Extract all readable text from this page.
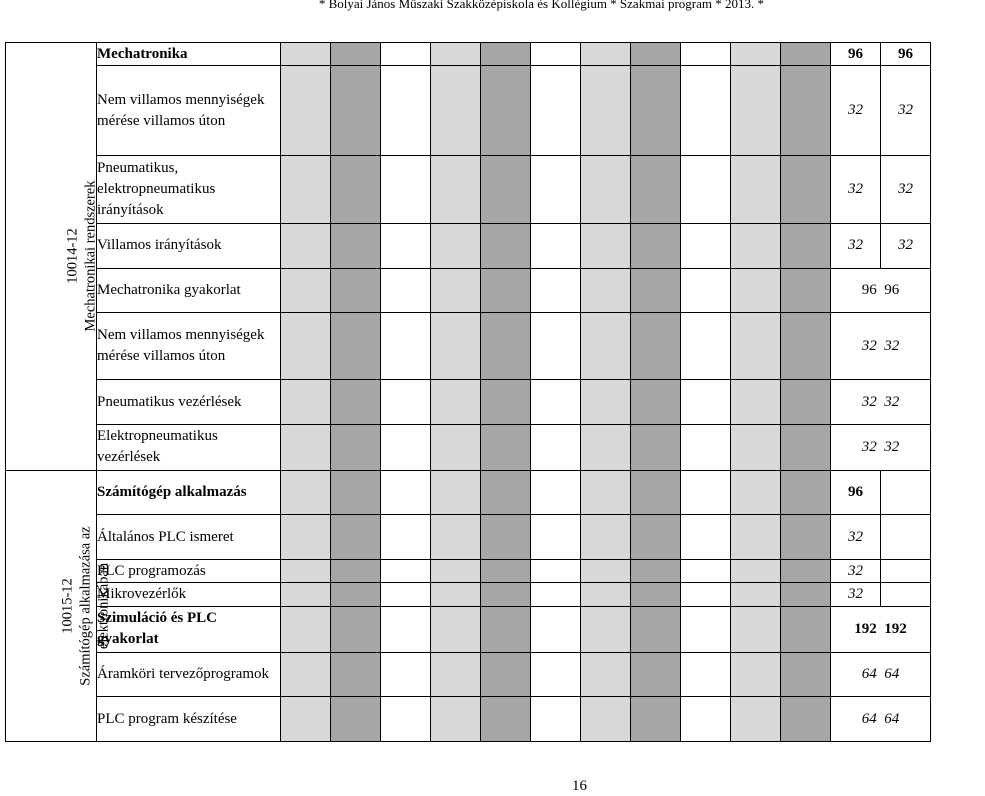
* Bolyai János Műszaki Szakközépiskola és Kollégium * Szakmai program * 2013. *
10014-12 Mechatronikai rendszerek	Mechatronika												96	96
	Nem villamos mennyiségek mérése villamos úton												32	32
	Pneumatikus, elektropneumatikus irányítások												32	32
	Villamos irányítások												32	32
	Mechatronika gyakorlat												96 96	
	Nem villamos mennyiségek mérése villamos úton												32 32	
	Pneumatikus vezérlések												32 32	
	Elektropneumatikus vezérlések												32 32	

10015-12 Számítógép alkalmazása az elektronikában	Számítógép alkalmazás												96	
	Általános PLC ismeret												32	
	PLC programozás												32	
	Mikrovezérlők												32	
	Szimuláció és PLC gyakorlat												192 192	
	Áramköri tervezőprogramok												64 64	
	PLC program készítése												64 64	
16
